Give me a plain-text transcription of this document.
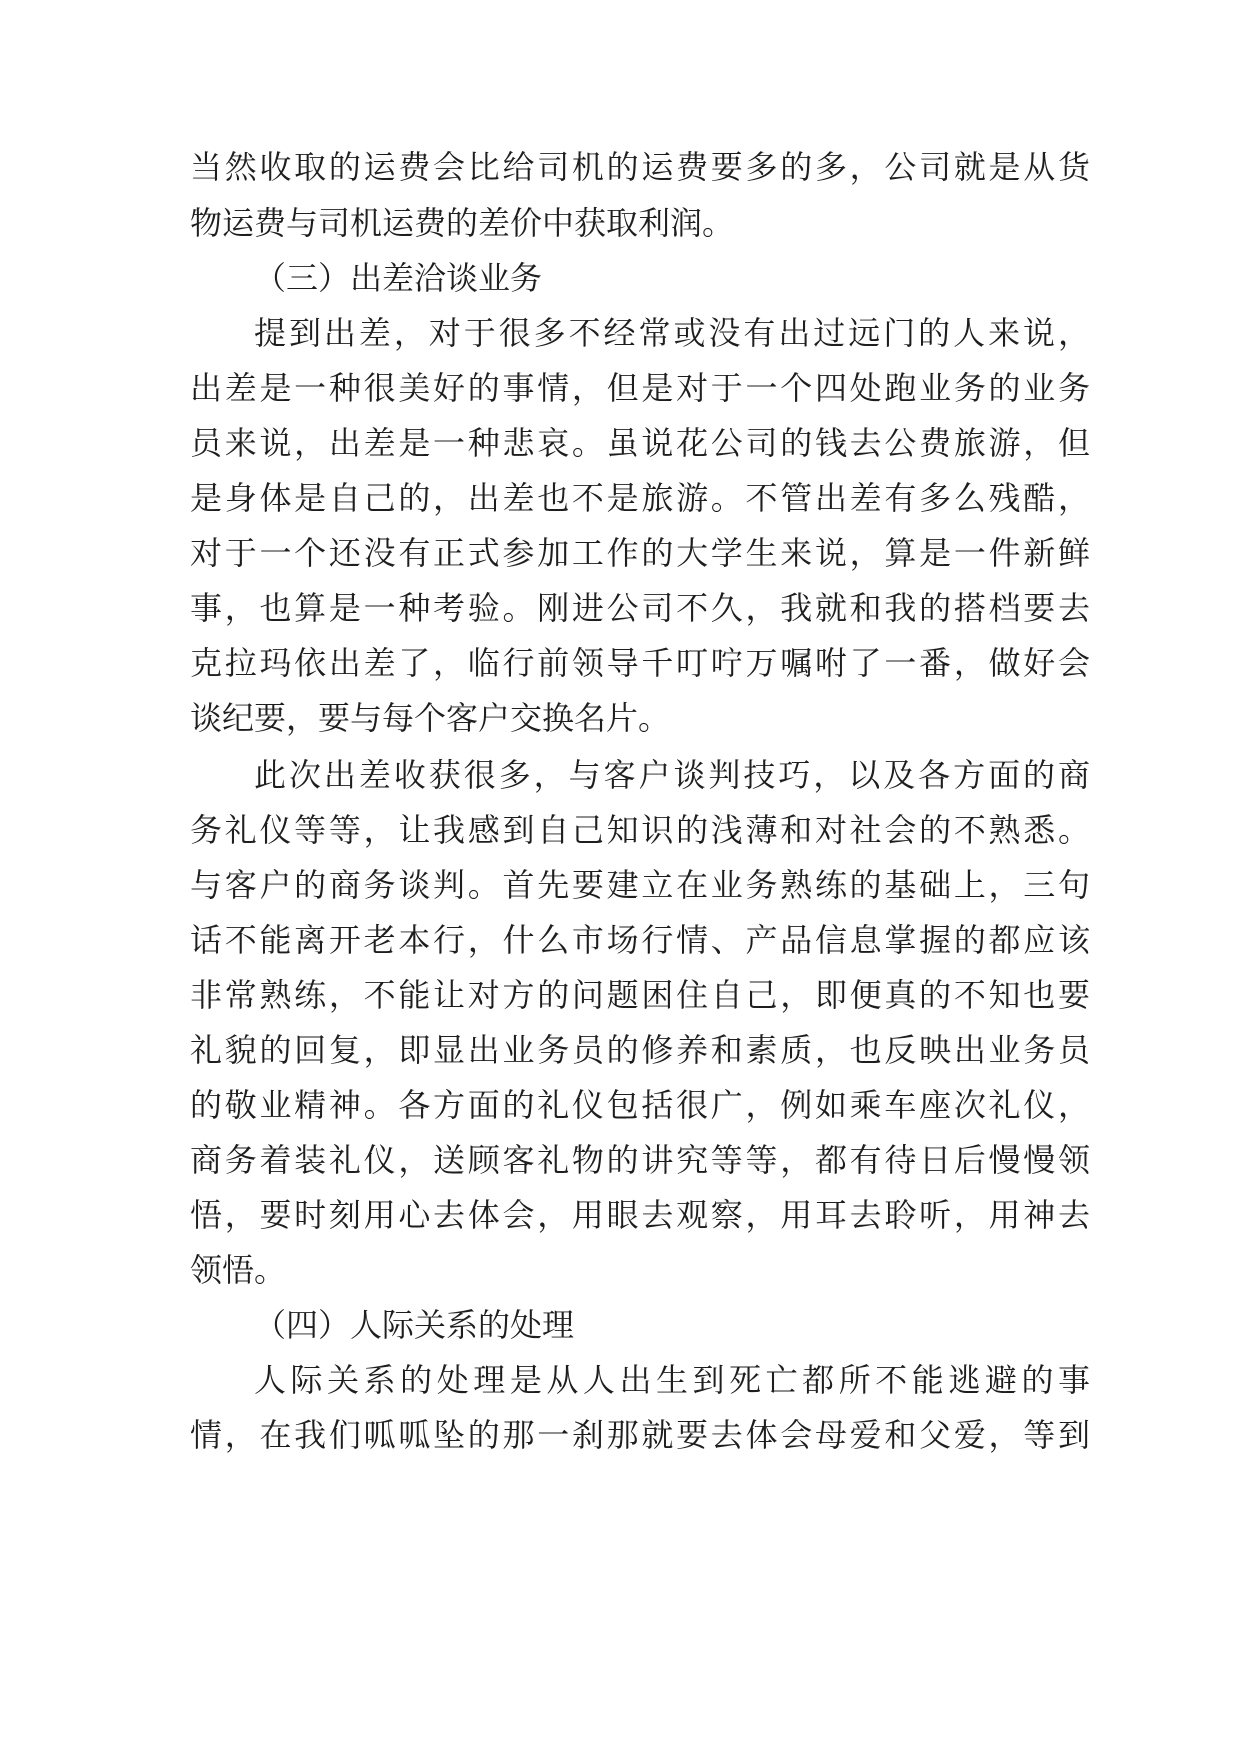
当然收取的运费会比给司机的运费要多的多，公司就是从货
物运费与司机运费的差价中获取利润。
（三）出差洽谈业务
提到出差，对于很多不经常或没有出过远门的人来说，
出差是一种很美好的事情，但是对于一个四处跑业务的业务
员来说，出差是一种悲哀。虽说花公司的钱去公费旅游，但
是身体是自己的，出差也不是旅游。不管出差有多么残酷，
对于一个还没有正式参加工作的大学生来说，算是一件新鲜
事，也算是一种考验。刚进公司不久，我就和我的搭档要去
克拉玛依出差了，临行前领导千叮咛万嘱咐了一番，做好会
谈纪要，要与每个客户交换名片。
此次出差收获很多，与客户谈判技巧，以及各方面的商
务礼仪等等，让我感到自己知识的浅薄和对社会的不熟悉。
与客户的商务谈判。首先要建立在业务熟练的基础上，三句
话不能离开老本行，什么市场行情、产品信息掌握的都应该
非常熟练，不能让对方的问题困住自己，即便真的不知也要
礼貌的回复，即显出业务员的修养和素质，也反映出业务员
的敬业精神。各方面的礼仪包括很广，例如乘车座次礼仪，
商务着装礼仪，送顾客礼物的讲究等等，都有待日后慢慢领
悟，要时刻用心去体会，用眼去观察，用耳去聆听，用神去
领悟。
（四）人际关系的处理
人际关系的处理是从人出生到死亡都所不能逃避的事
情，在我们呱呱坠的那一刹那就要去体会母爱和父爱，等到
